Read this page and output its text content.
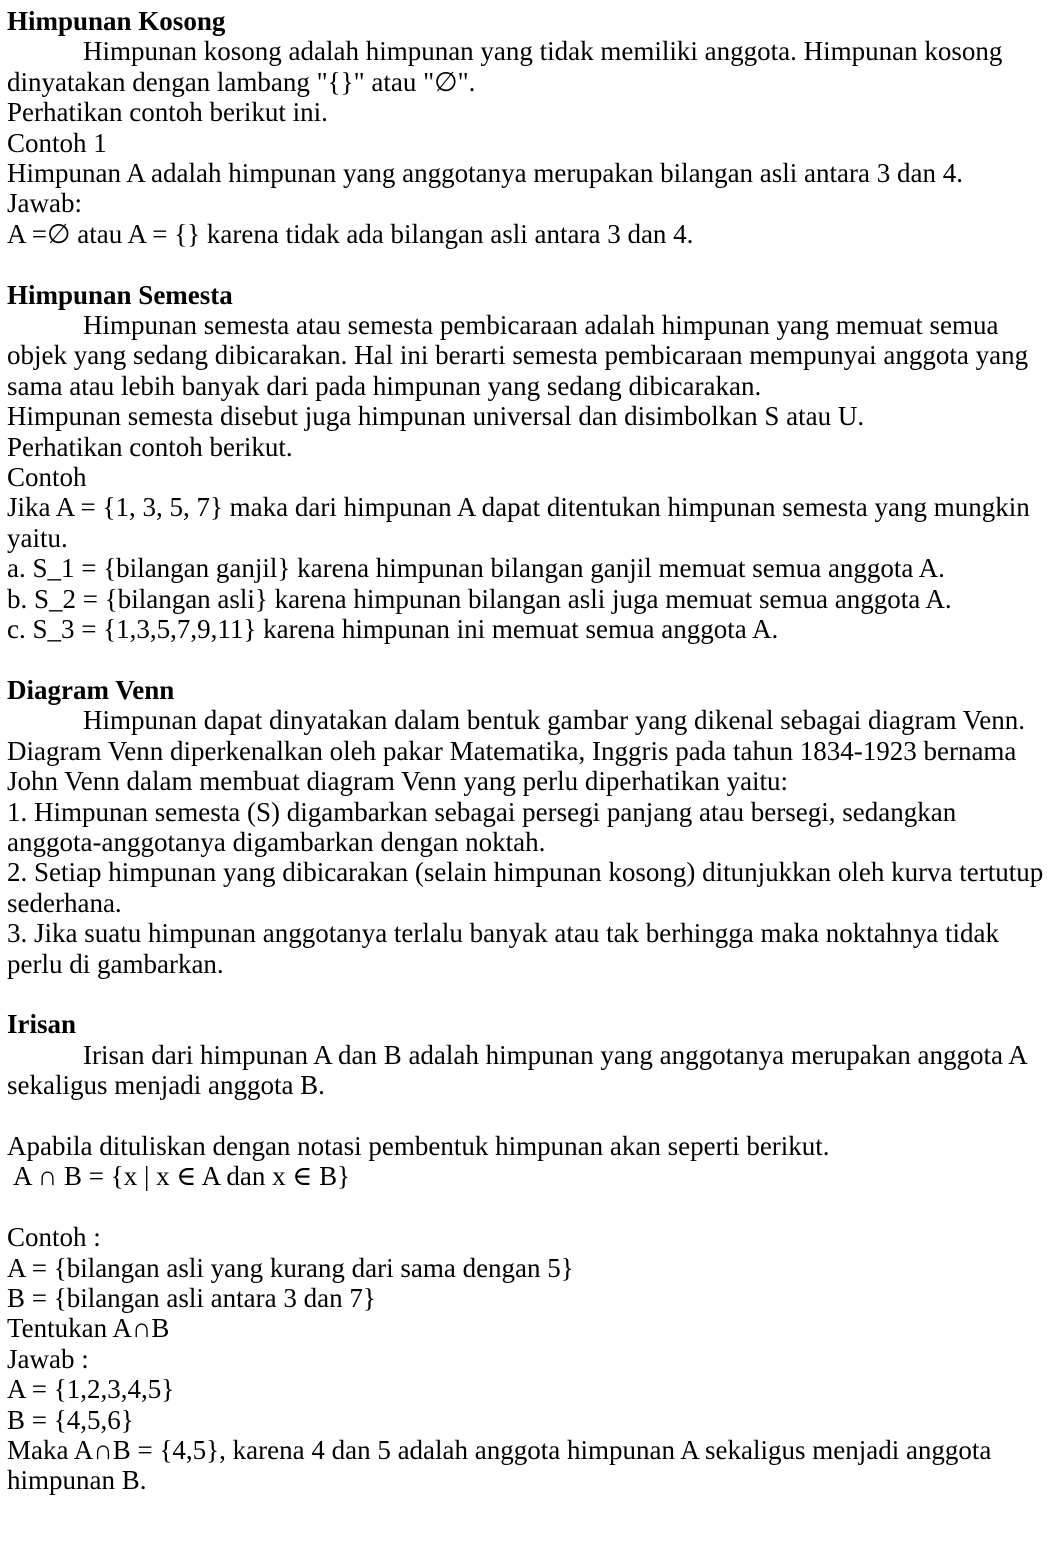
Himpunan Kosong
Himpunan kosong adalah himpunan yang tidak memiliki anggota. Himpunan kosong dinyatakan dengan lambang "{}" atau "∅".
Perhatikan contoh berikut ini.
Contoh 1
Himpunan A adalah himpunan yang anggotanya merupakan bilangan asli antara 3 dan 4.
Jawab:
A =∅ atau A = {} karena tidak ada bilangan asli antara 3 dan 4.
Himpunan Semesta
Himpunan semesta atau semesta pembicaraan adalah himpunan yang memuat semua objek yang sedang dibicarakan. Hal ini berarti semesta pembicaraan mempunyai anggota yang sama atau lebih banyak dari pada himpunan yang sedang dibicarakan.
Himpunan semesta disebut juga himpunan universal dan disimbolkan S atau U.
Perhatikan contoh berikut.
Contoh
Jika A = {1, 3, 5, 7} maka dari himpunan A dapat ditentukan himpunan semesta yang mungkin yaitu.
a. S_1 = {bilangan ganjil} karena himpunan bilangan ganjil memuat semua anggota A.
b. S_2 = {bilangan asli} karena himpunan bilangan asli juga memuat semua anggota A.
c. S_3 = {1,3,5,7,9,11} karena himpunan ini memuat semua anggota A.
Diagram Venn
Himpunan dapat dinyatakan dalam bentuk gambar yang dikenal sebagai diagram Venn. Diagram Venn diperkenalkan oleh pakar Matematika, Inggris pada tahun 1834-1923 bernama John Venn dalam membuat diagram Venn yang perlu diperhatikan yaitu:
1. Himpunan semesta (S) digambarkan sebagai persegi panjang atau bersegi, sedangkan anggota-anggotanya digambarkan dengan noktah.
2. Setiap himpunan yang dibicarakan (selain himpunan kosong) ditunjukkan oleh kurva tertutup sederhana.
3. Jika suatu himpunan anggotanya terlalu banyak atau tak berhingga maka noktahnya tidak perlu di gambarkan.
Irisan
Irisan dari himpunan A dan B adalah himpunan yang anggotanya merupakan anggota A sekaligus menjadi anggota B.
Apabila dituliskan dengan notasi pembentuk himpunan akan seperti berikut.
A ∩ B = {x | x ∈ A dan x ∈ B}
Contoh :
A = {bilangan asli yang kurang dari sama dengan 5}
B = {bilangan asli antara 3 dan 7}
Tentukan A∩B
Jawab :
A = {1,2,3,4,5}
B = {4,5,6}
Maka A∩B = {4,5}, karena 4 dan 5 adalah anggota himpunan A sekaligus menjadi anggota himpunan B.
